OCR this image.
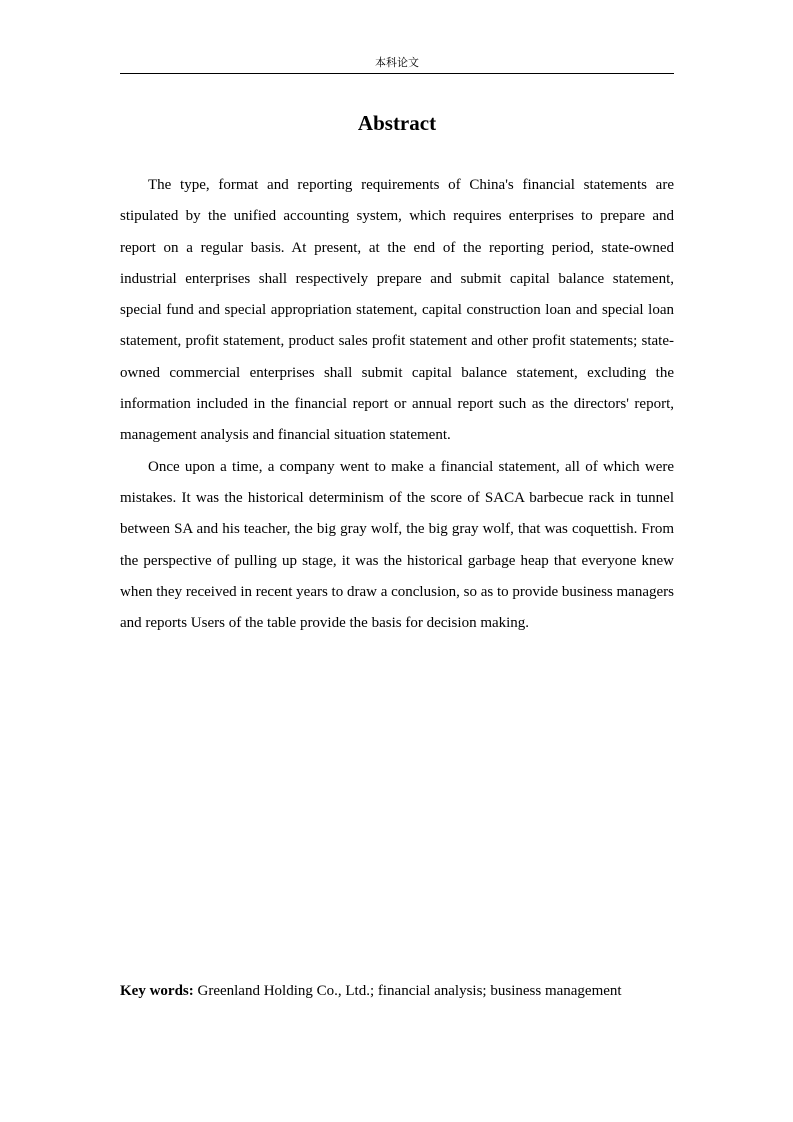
本科论文
Abstract

The type, format and reporting requirements of China's financial statements are stipulated by the unified accounting system, which requires enterprises to prepare and report on a regular basis. At present, at the end of the reporting period, state-owned industrial enterprises shall respectively prepare and submit capital balance statement, special fund and special appropriation statement, capital construction loan and special loan statement, profit statement, product sales profit statement and other profit statements; state-owned commercial enterprises shall submit capital balance statement, excluding the information included in the financial report or annual report such as the directors' report, management analysis and financial situation statement.

Once upon a time, a company went to make a financial statement, all of which were mistakes. It was the historical determinism of the score of SACA barbecue rack in tunnel between SA and his teacher, the big gray wolf, the big gray wolf, that was coquettish. From the perspective of pulling up stage, it was the historical garbage heap that everyone knew when they received in recent years to draw a conclusion, so as to provide business managers and reports Users of the table provide the basis for decision making.

Key words: Greenland Holding Co., Ltd.; financial analysis; business management
